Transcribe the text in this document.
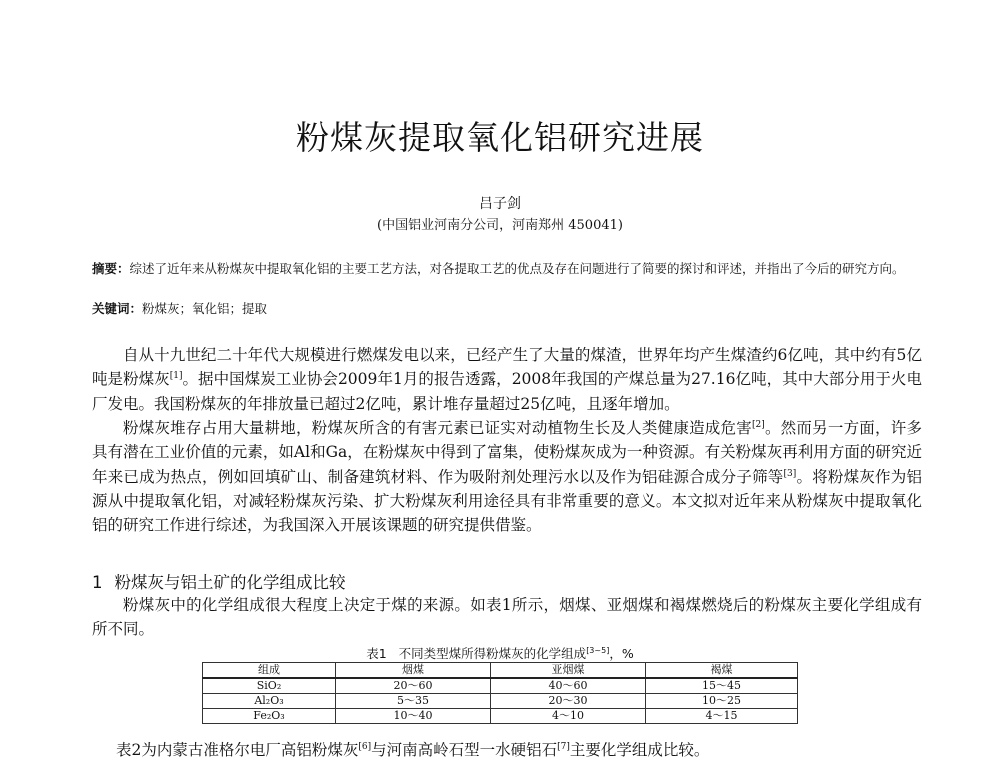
粉煤灰提取氧化铝研究进展
吕子剑
(中国铝业河南分公司，河南郑州 450041)
摘要：综述了近年来从粉煤灰中提取氧化铝的主要工艺方法，对各提取工艺的优点及存在问题进行了简要的探讨和评述，并指出了今后的研究方向。
关键词：粉煤灰；氧化铝；提取

自从十九世纪二十年代大规模进行燃煤发电以来，已经产生了大量的煤渣，世界年均产生煤渣约6亿吨，其中约有5亿吨是粉煤灰[1]。据中国煤炭工业协会2009年1月的报告透露，2008年我国的产煤总量为27.16亿吨，其中大部分用于火电厂发电。我国粉煤灰的年排放量已超过2亿吨，累计堆存量超过25亿吨，且逐年增加。

粉煤灰堆存占用大量耕地，粉煤灰所含的有害元素已证实对动植物生长及人类健康造成危害[2]。然而另一方面，许多具有潜在工业价值的元素，如Al和Ga，在粉煤灰中得到了富集，使粉煤灰成为一种资源。有关粉煤灰再利用方面的研究近年来已成为热点，例如回填矿山、制备建筑材料、作为吸附剂处理污水以及作为铝硅源合成分子筛等[3]。将粉煤灰作为铝源从中提取氧化铝，对减轻粉煤灰污染、扩大粉煤灰利用途径具有非常重要的意义。本文拟对近年来从粉煤灰中提取氧化铝的研究工作进行综述，为我国深入开展该课题的研究提供借鉴。

1 粉煤灰与铝土矿的化学组成比较

粉煤灰中的化学组成很大程度上决定于煤的来源。如表1所示，烟煤、亚烟煤和褐煤燃烧后的粉煤灰主要化学组成有所不同。

表1 不同类型煤所得粉煤灰的化学组成[3~5]，%
组成	烟煤	亚烟煤	褐煤
SiO₂	20～60	40～60	15～45
Al₂O₃	5～35	20～30	10～25
Fe₂O₃	10～40	4～10	4～15
表2为内蒙古准格尔电厂高铝粉煤灰[6]与河南高岭石型一水硬铝石[7]主要化学组成比较。
